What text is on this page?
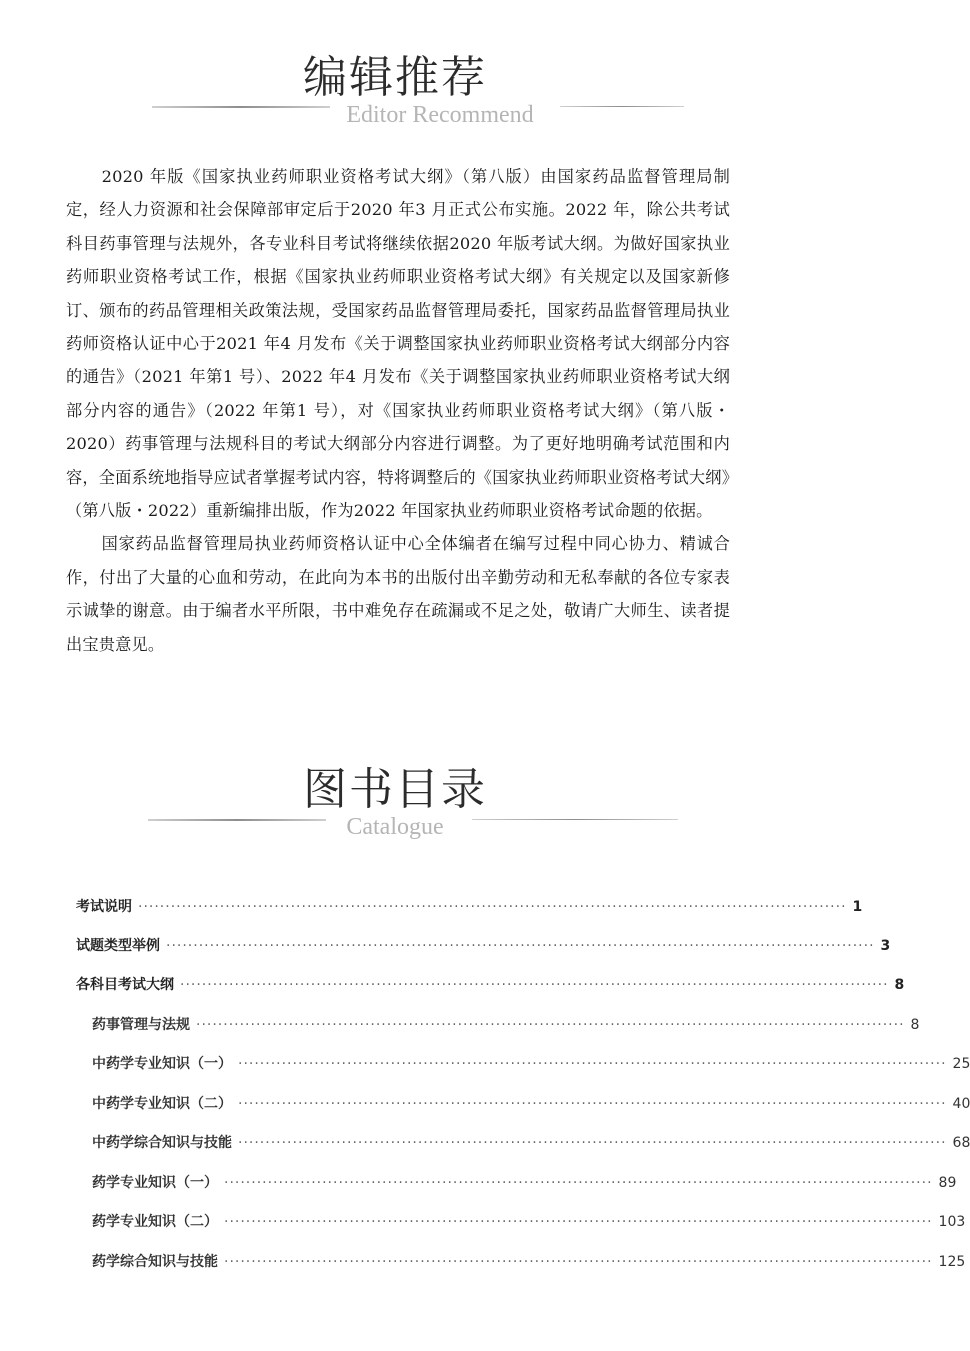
编辑推荐
Editor Recommend

2020 年版《国家执业药师职业资格考试大纲》（第八版）由国家药品监督管理局制定，经人力资源和社会保障部审定后于2020 年3 月正式公布实施。2022 年，除公共考试科目药事管理与法规外，各专业科目考试将继续依据2020 年版考试大纲。为做好国家执业药师职业资格考试工作，根据《国家执业药师职业资格考试大纲》有关规定以及国家新修订、颁布的药品管理相关政策法规，受国家药品监督管理局委托，国家药品监督管理局执业药师资格认证中心于2021 年4 月发布《关于调整国家执业药师职业资格考试大纲部分内容的通告》（2021 年第1 号）、2022 年4 月发布《关于调整国家执业药师职业资格考试大纲部分内容的通告》（2022 年第1 号），对《国家执业药师职业资格考试大纲》（第八版・2020）药事管理与法规科目的考试大纲部分内容进行调整。为了更好地明确考试范围和内容，全面系统地指导应试者掌握考试内容，特将调整后的《国家执业药师职业资格考试大纲》（第八版・2022）重新编排出版，作为2022 年国家执业药师职业资格考试命题的依据。

国家药品监督管理局执业药师资格认证中心全体编者在编写过程中同心协力、精诚合作，付出了大量的心血和劳动，在此向为本书的出版付出辛勤劳动和无私奉献的各位专家表示诚挚的谢意。由于编者水平所限，书中难免存在疏漏或不足之处，敬请广大师生、读者提出宝贵意见。

图书目录
Catalogue
考试说明 ·································································································································· 1
试题类型举例 ·································································································································· 3
各科目考试大纲 ·································································································································· 8
药事管理与法规 ·································································································································· 8
中药学专业知识（一） ·································································································································· 25
中药学专业知识（二） ·································································································································· 40
中药学综合知识与技能 ·································································································································· 68
药学专业知识（一） ·································································································································· 89
药学专业知识（二） ·································································································································· 103
药学综合知识与技能 ·································································································································· 125
